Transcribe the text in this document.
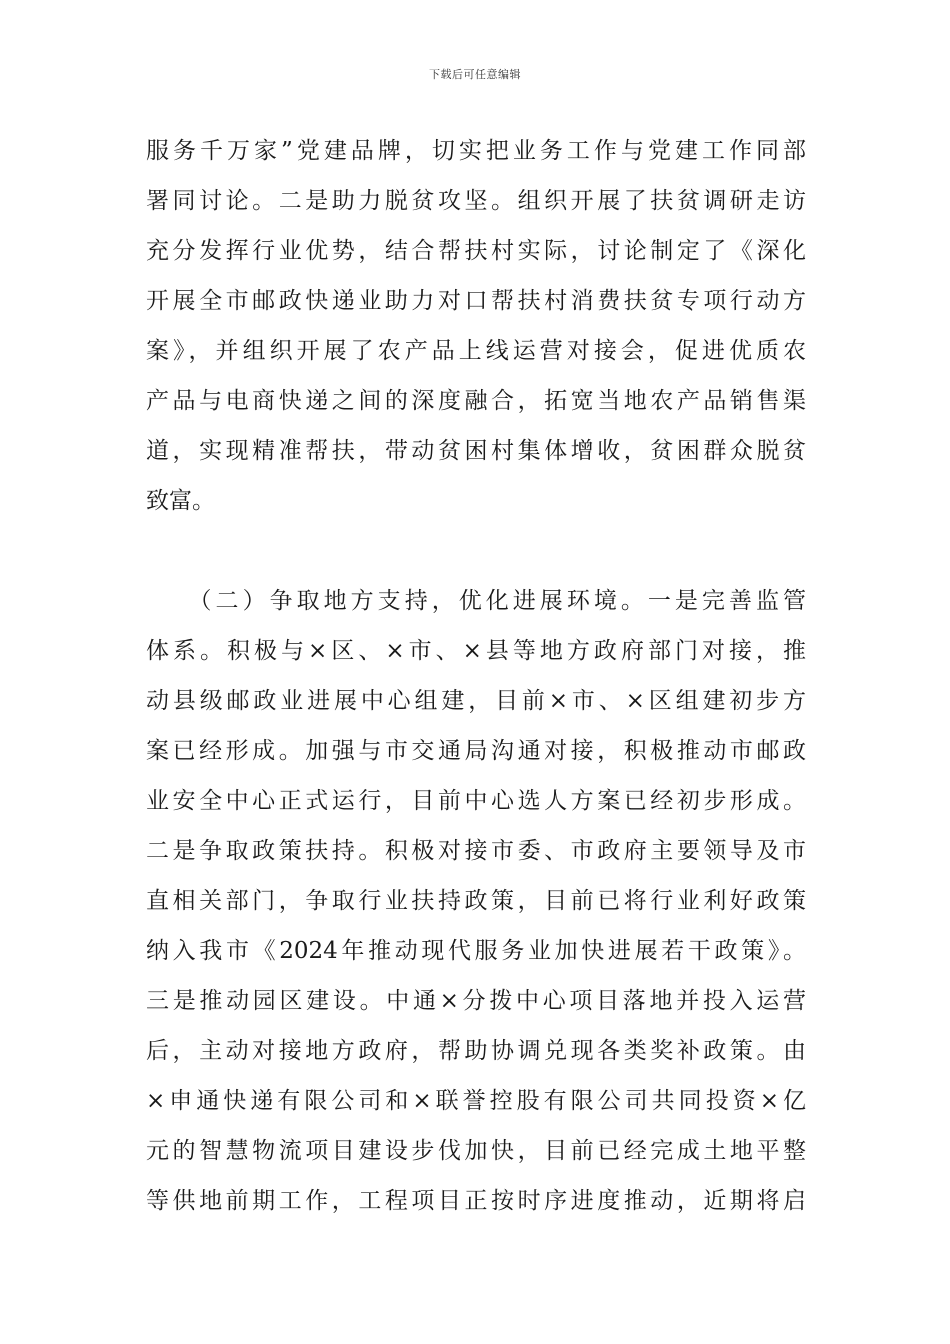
下载后可任意编辑
服务千万家”党建品牌，切实把业务工作与党建工作同部
署同讨论。二是助力脱贫攻坚。组织开展了扶贫调研走访
充分发挥行业优势，结合帮扶村实际，讨论制定了《深化
开展全市邮政快递业助力对口帮扶村消费扶贫专项行动方
案》，并组织开展了农产品上线运营对接会，促进优质农
产品与电商快递之间的深度融合，拓宽当地农产品销售渠
道，实现精准帮扶，带动贫困村集体增收，贫困群众脱贫
致富。
　　（二）争取地方支持，优化进展环境。一是完善监管
体系。积极与×区、×市、×县等地方政府部门对接，推
动县级邮政业进展中心组建，目前×市、×区组建初步方
案已经形成。加强与市交通局沟通对接，积极推动市邮政
业安全中心正式运行，目前中心选人方案已经初步形成。
二是争取政策扶持。积极对接市委、市政府主要领导及市
直相关部门，争取行业扶持政策，目前已将行业利好政策
纳入我市《2024年推动现代服务业加快进展若干政策》。
三是推动园区建设。中通×分拨中心项目落地并投入运营
后，主动对接地方政府，帮助协调兑现各类奖补政策。由
×申通快递有限公司和×联誉控股有限公司共同投资×亿
元的智慧物流项目建设步伐加快，目前已经完成土地平整
等供地前期工作，工程项目正按时序进度推动，近期将启
